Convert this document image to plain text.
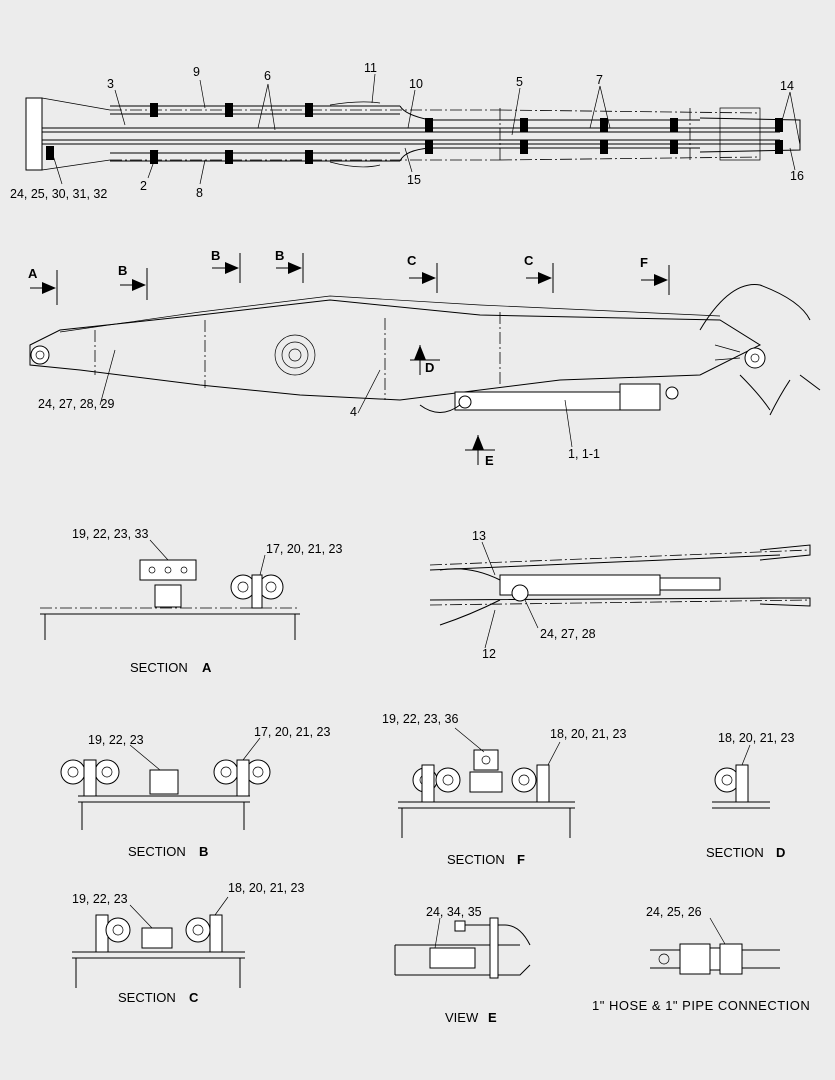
3
9	6
11
10	5	7	14
2	8
15	16
24, 25, 30, 31, 32
A	B
B	B	C	C	F
D
E
24, 27, 28, 29
4
1, 1-1
19, 22, 23, 33
17, 20, 21, 23
SECTION A
13
24, 27, 28
12
19, 22, 23
17, 20, 21, 23
SECTION B
19, 22, 23, 36
18, 20, 21, 23
SECTION F
18, 20, 21, 23
SECTION D
19, 22, 23
18, 20, 21, 23
SECTION C
24, 34, 35
VIEW E
24, 25, 26
1" HOSE & 1" PIPE CONNECTION
